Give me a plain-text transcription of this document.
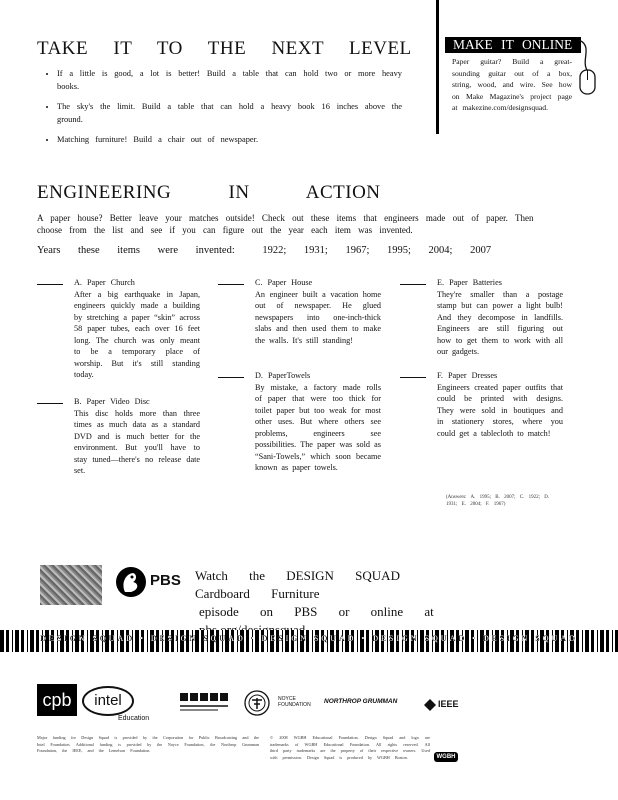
TAKE IT TO THE NEXT LEVEL
• If a little is good, a lot is better! Build a table that can hold two or more heavy books.
• The sky's the limit. Build a table that can hold a heavy book 16 inches above the ground.
• Matching furniture! Build a chair out of newspaper.
MAKE IT ONLINE
Paper guitar? Build a great-sounding guitar out of a box, string, wood, and wire. See how on Make Magazine's project page at makezine.com/designsquad.
ENGINEERING IN ACTION
A paper house? Better leave your matches outside! Check out these items that engineers made out of paper. Then choose from the list and see if you can figure out the year each item was invented.
Years these items were invented:	1922; 1931; 1967; 1995; 2004; 2007
A. Paper Church
After a big earthquake in Japan, engineers quickly made a building by stretching a paper “skin” across 58 paper tubes, each over 16 feet long. The church was only meant to be a temporary place of worship. But it's still standing today.
B. Paper Video Disc
This disc holds more than three times as much data as a standard DVD and is much better for the environment. But you'll have to stay tuned—there's no release date set.
C. Paper House
An engineer built a vacation home out of newspaper. He glued newspapers into one-inch-thick slabs and then used them to make the walls. It's still standing!
D. PaperTowels
By mistake, a factory made rolls of paper that were too thick for toilet paper but too weak for most other uses. But where others see problems, engineers see possibilities. The paper was sold as “Sani-Towels,” which soon became known as paper towels.
E. Paper Batteries
They're smaller than a postage stamp but can power a light bulb! And they decompose in landfills. Engineers are still figuring out how to get them to work with all our gadgets.
F. Paper Dresses
Engineers created paper outfits that could be printed with designs. They were sold in boutiques and in stationery stores, where you could get a tablecloth to match!
(Answers: A. 1995; B. 2007; C. 1922; D. 1931; E. 2004; F. 1967)
PBS Watch the DESIGN SQUAD Cardboard Furniture
episode on PBS or online at
DESIGN SQUAD • DESIGN SQUAD • DESIGN SQUAD • DESIGN SQUAD • DESIGN SQUAD
cpb	intel
Education
NOYCE FOUNDATION	NORTHROP GRUMMAN	IEEE
Major funding for Design Squad is provided by the Corporation for Public Broadcasting and the Intel Foundation. Additional funding is provided by the Noyce Foundation, the Northrop Grumman Foundation, the IEEE, and the Lemelson Foundation.
© 2008 WGBH Educational Foundation. Design Squad and logo are trademarks of WGBH Educational Foundation. All rights reserved. All third party trademarks are the property of their respective owners. Used with permission. Design Squad is produced by WGBH Boston.	WGBH
